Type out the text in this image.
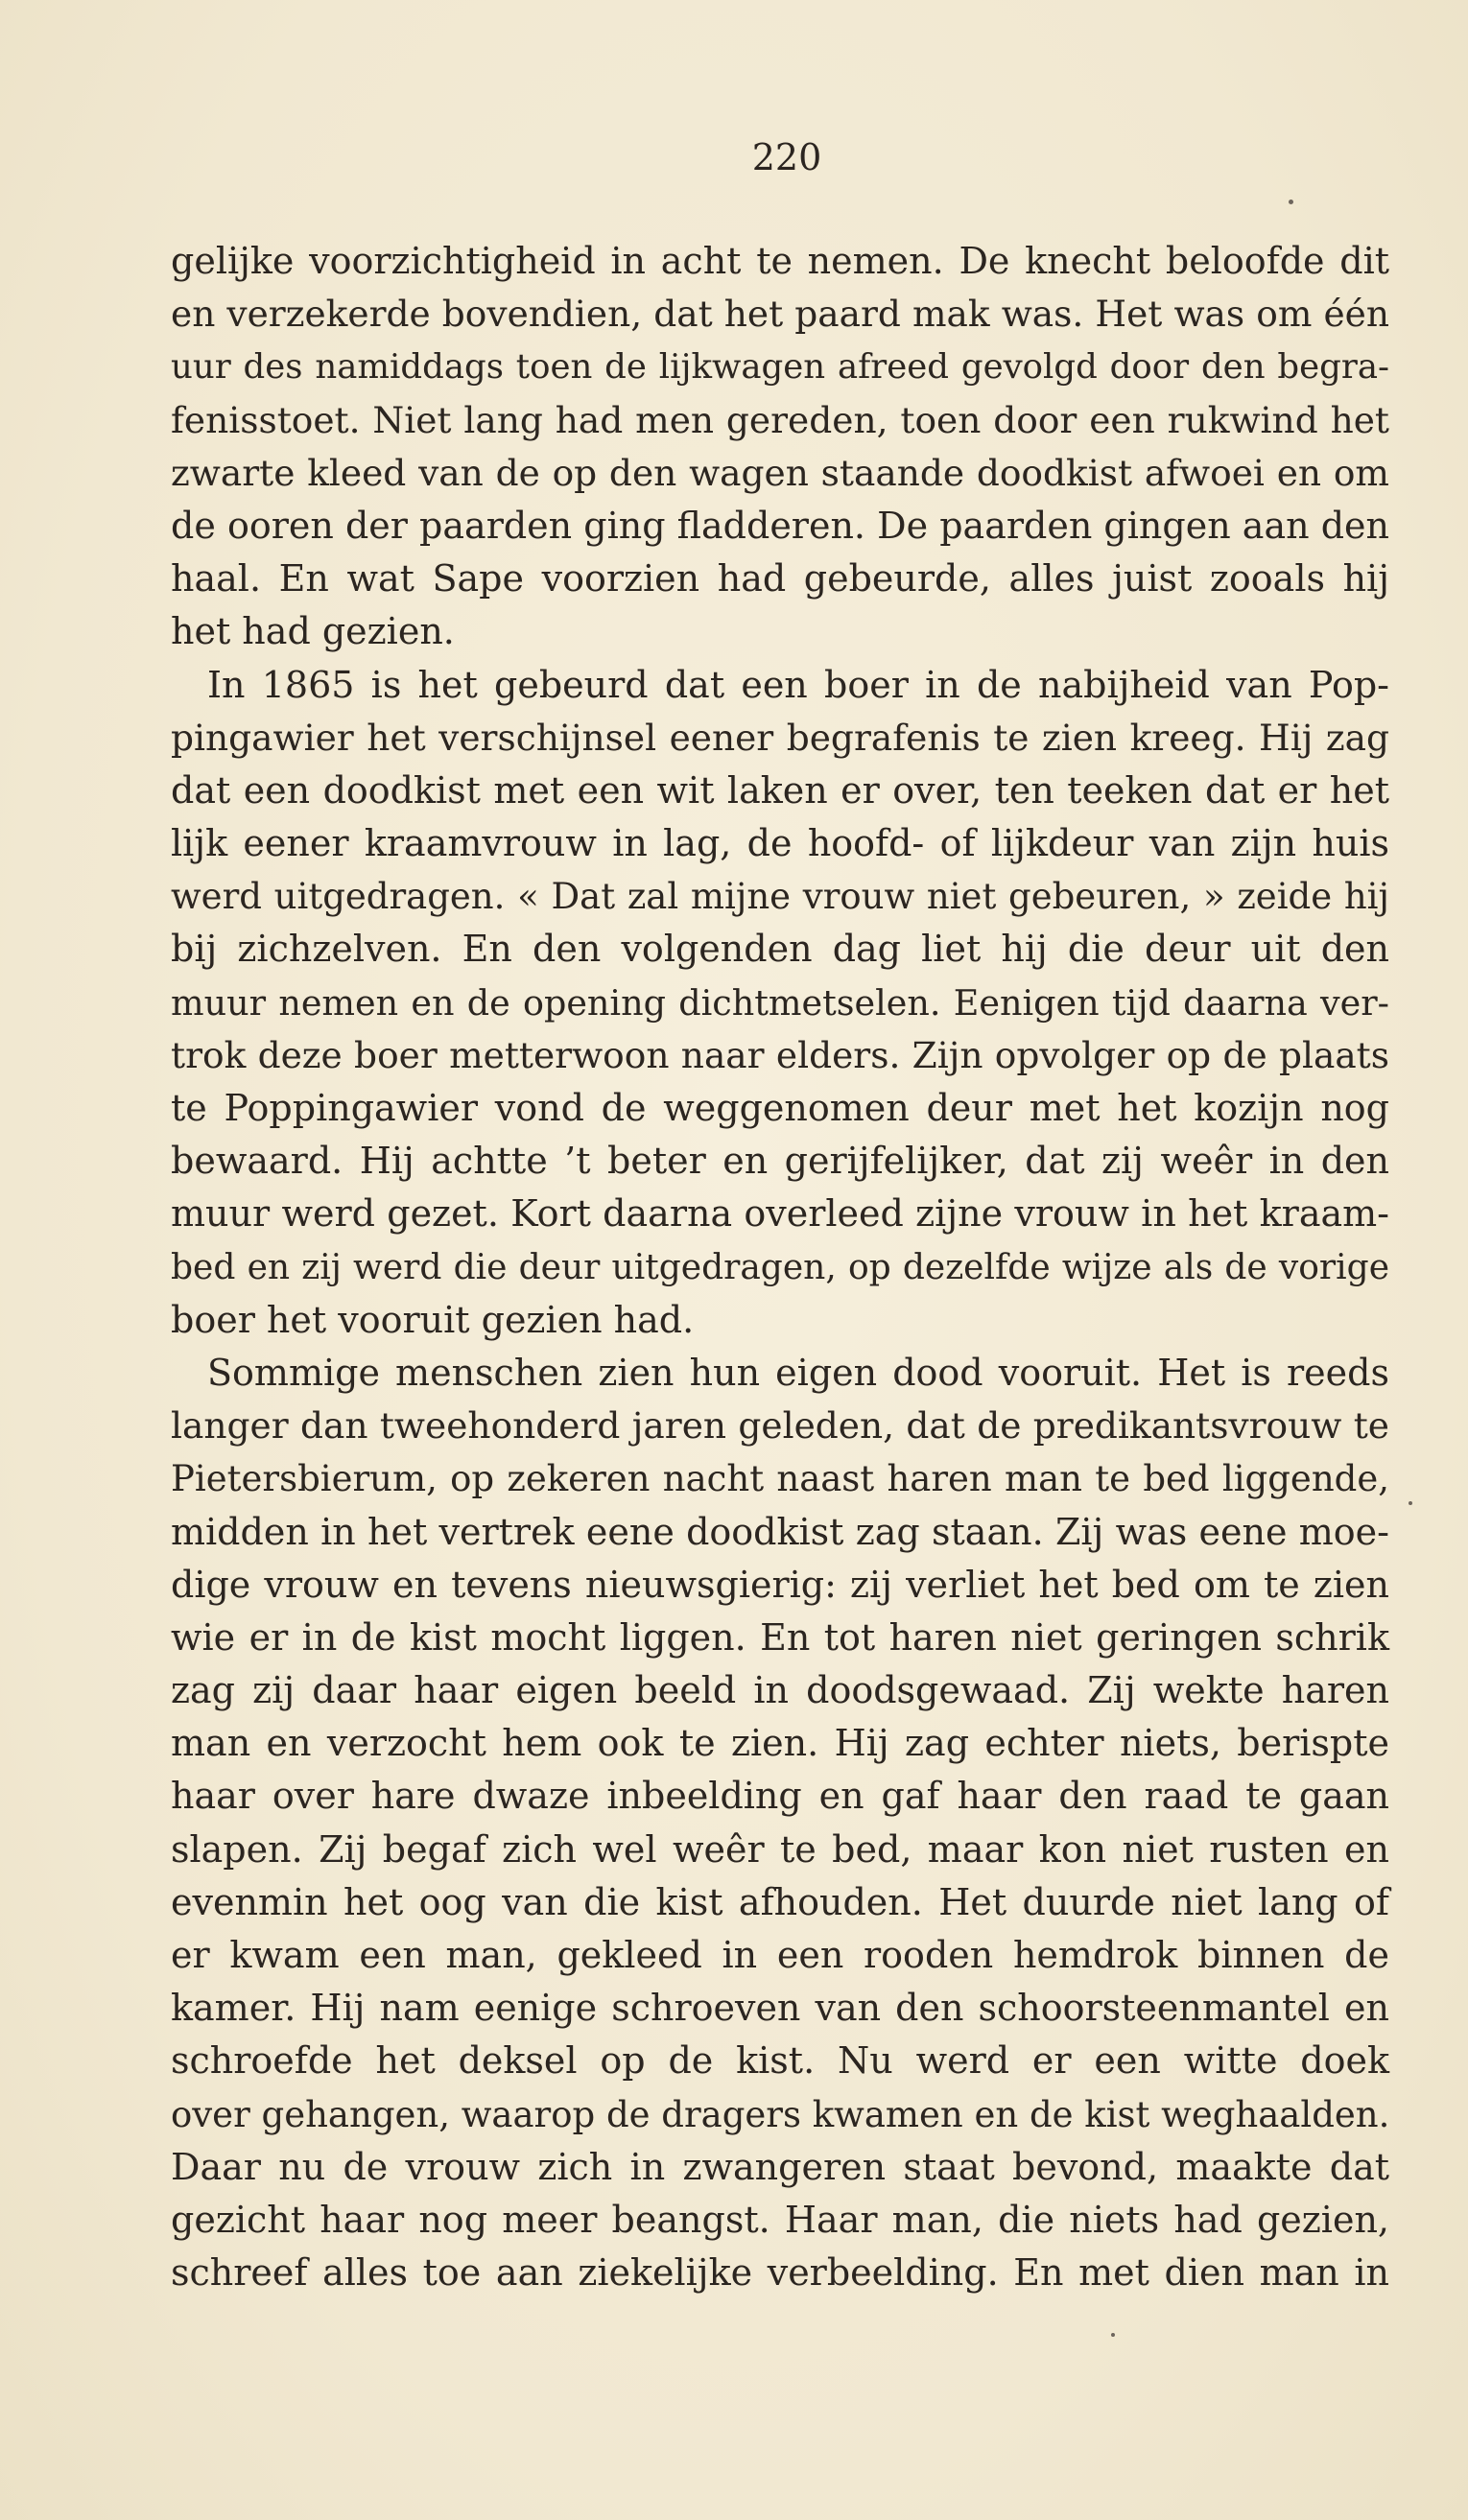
220
gelijke voorzichtigheid in acht te nemen. De knecht beloofde dit
en verzekerde bovendien, dat het paard mak was. Het was om één
uur des namiddags toen de lijkwagen afreed gevolgd door den begra-
fenisstoet. Niet lang had men gereden, toen door een rukwind het
zwarte kleed van de op den wagen staande doodkist afwoei en om
de ooren der paarden ging fladderen. De paarden gingen aan den
haal. En wat Sape voorzien had gebeurde, alles juist zooals hij
het had gezien.
In 1865 is het gebeurd dat een boer in de nabijheid van Pop-
pingawier het verschijnsel eener begrafenis te zien kreeg. Hij zag
dat een doodkist met een wit laken er over, ten teeken dat er het
lijk eener kraamvrouw in lag, de hoofd- of lijkdeur van zijn huis
werd uitgedragen. « Dat zal mijne vrouw niet gebeuren, » zeide hij
bij zichzelven. En den volgenden dag liet hij die deur uit den
muur nemen en de opening dichtmetselen. Eenigen tijd daarna ver-
trok deze boer metterwoon naar elders. Zijn opvolger op de plaats
te Poppingawier vond de weggenomen deur met het kozijn nog
bewaard. Hij achtte ’t beter en gerijfelijker, dat zij weêr in den
muur werd gezet. Kort daarna overleed zijne vrouw in het kraam-
bed en zij werd die deur uitgedragen, op dezelfde wijze als de vorige
boer het vooruit gezien had.
Sommige menschen zien hun eigen dood vooruit. Het is reeds
langer dan tweehonderd jaren geleden, dat de predikantsvrouw te
Pietersbierum, op zekeren nacht naast haren man te bed liggende,
midden in het vertrek eene doodkist zag staan. Zij was eene moe-
dige vrouw en tevens nieuwsgierig: zij verliet het bed om te zien
wie er in de kist mocht liggen. En tot haren niet geringen schrik
zag zij daar haar eigen beeld in doodsgewaad. Zij wekte haren
man en verzocht hem ook te zien. Hij zag echter niets, berispte
haar over hare dwaze inbeelding en gaf haar den raad te gaan
slapen. Zij begaf zich wel weêr te bed, maar kon niet rusten en
evenmin het oog van die kist afhouden. Het duurde niet lang of
er kwam een man, gekleed in een rooden hemdrok binnen de
kamer. Hij nam eenige schroeven van den schoorsteenmantel en
schroefde het deksel op de kist. Nu werd er een witte doek
over gehangen, waarop de dragers kwamen en de kist weghaalden.
Daar nu de vrouw zich in zwangeren staat bevond, maakte dat
gezicht haar nog meer beangst. Haar man, die niets had gezien,
schreef alles toe aan ziekelijke verbeelding. En met dien man in
